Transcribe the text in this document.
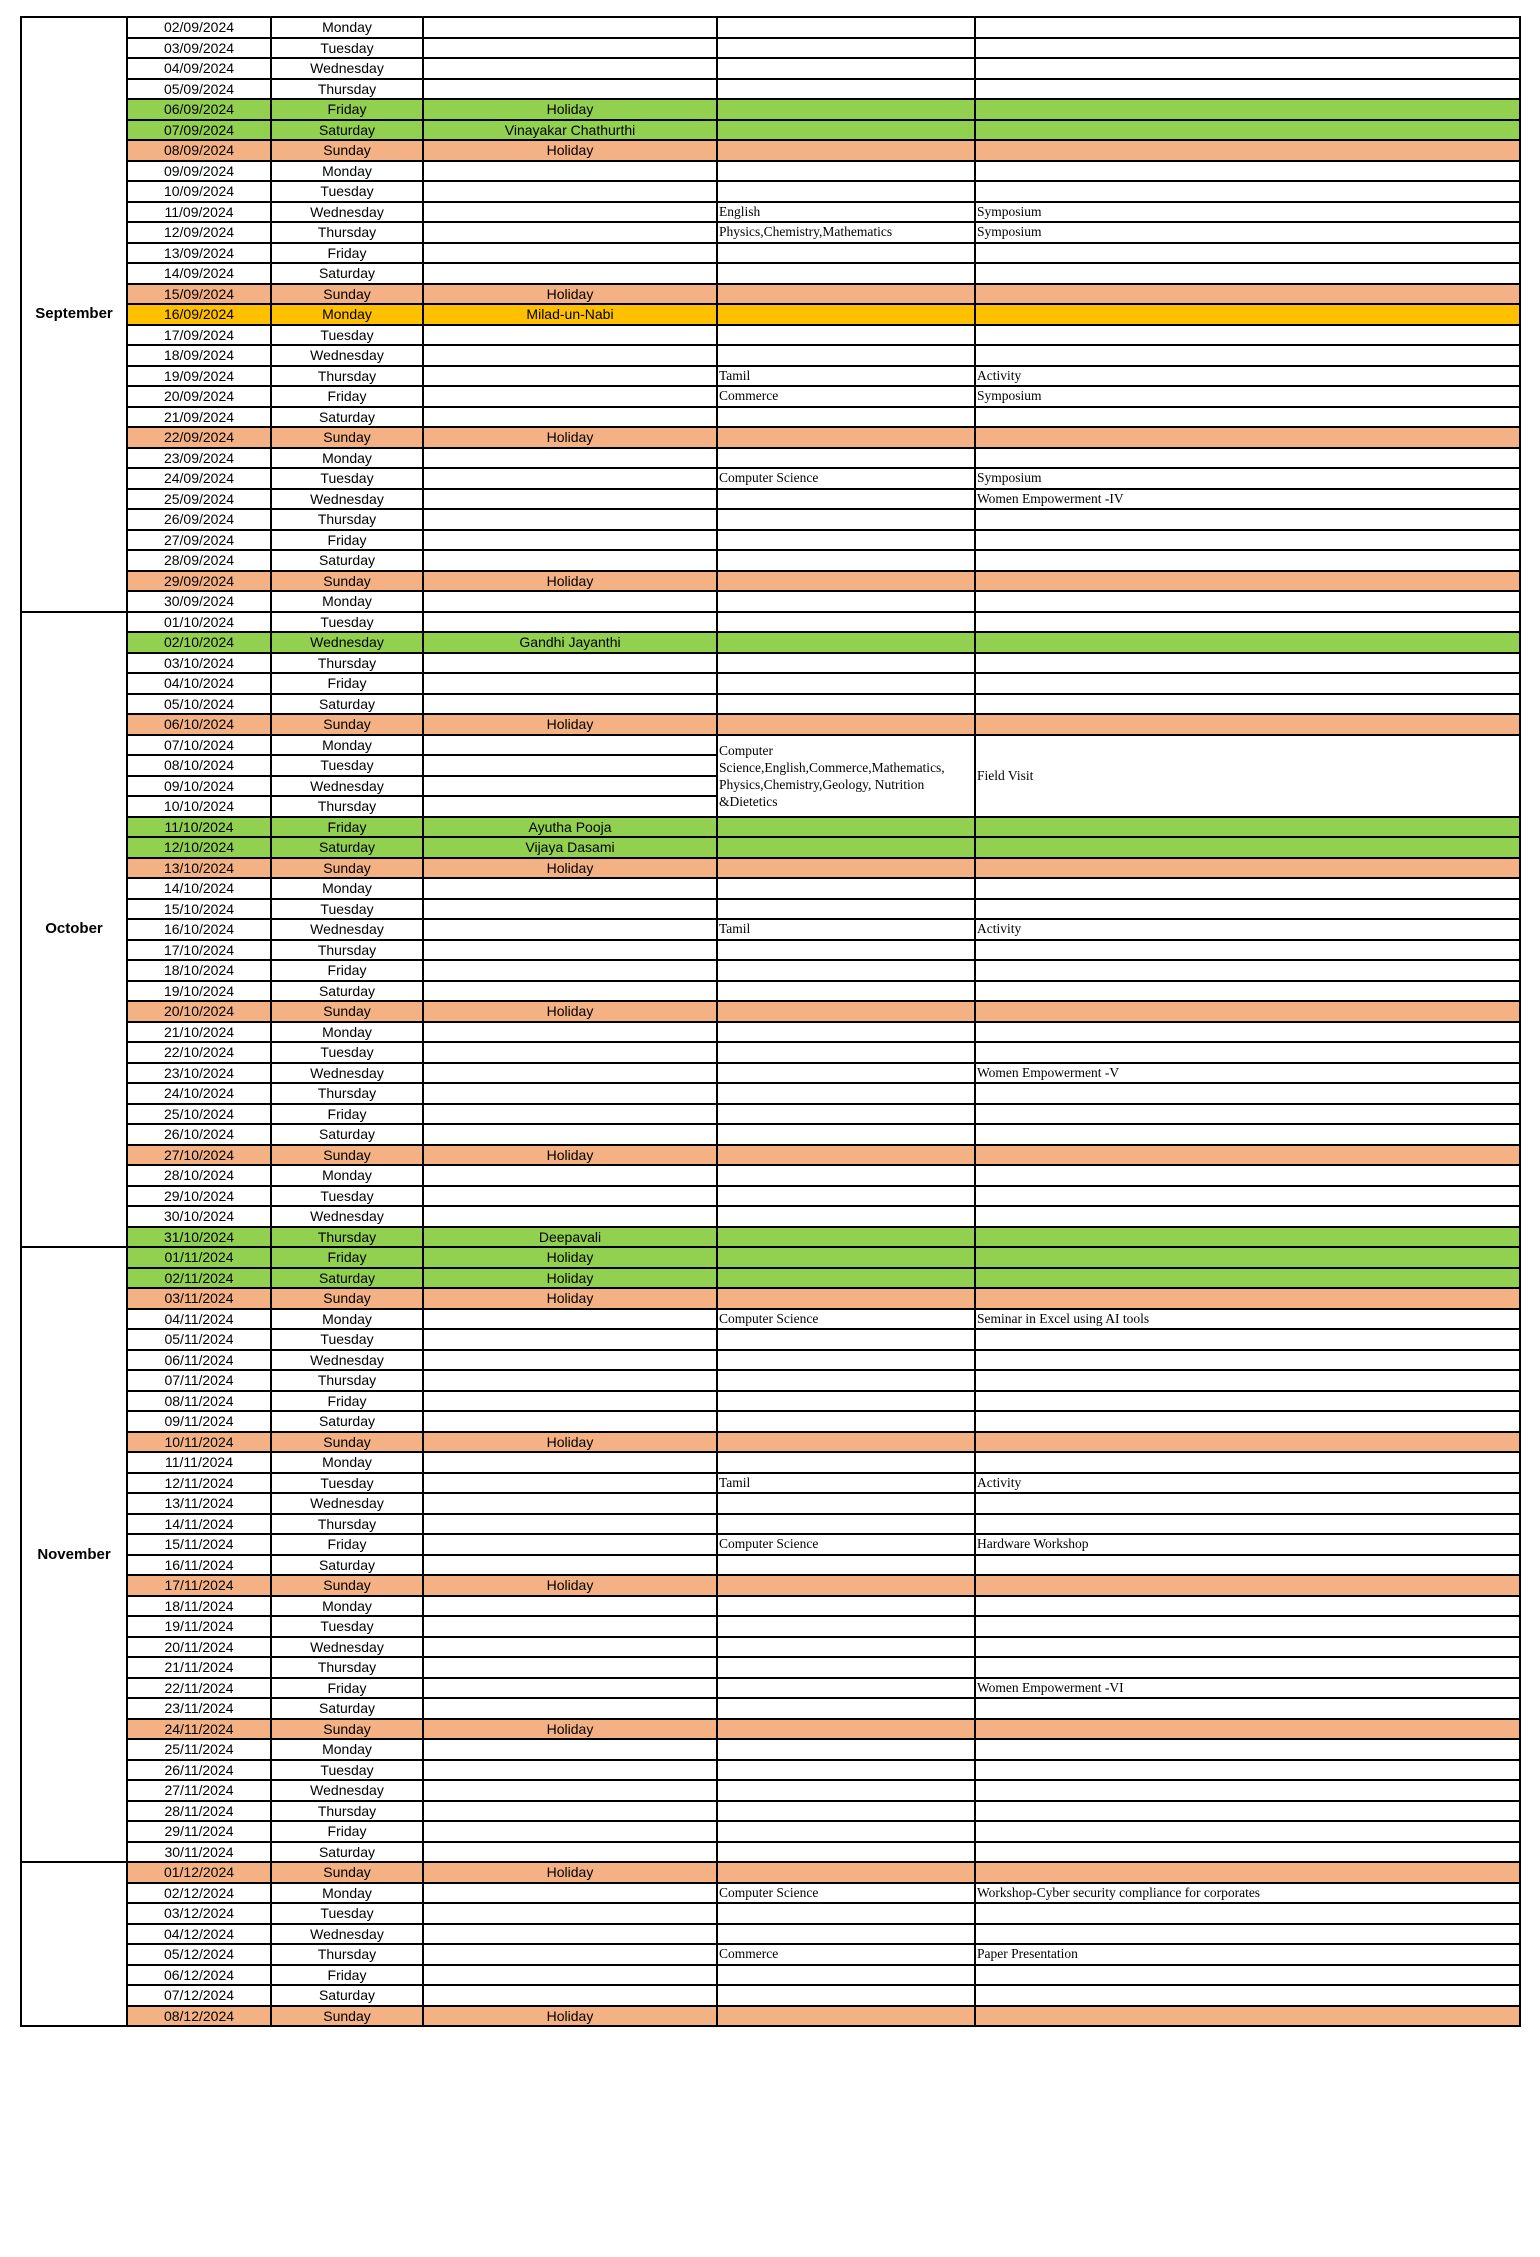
September	02/09/2024	Monday			
	03/09/2024	Tuesday			
	04/09/2024	Wednesday			
	05/09/2024	Thursday			
	06/09/2024	Friday	Holiday		
	07/09/2024	Saturday	Vinayakar Chathurthi		
	08/09/2024	Sunday	Holiday		
	09/09/2024	Monday			
	10/09/2024	Tuesday			
	11/09/2024	Wednesday		English	Symposium
	12/09/2024	Thursday		Physics,Chemistry,Mathematics	Symposium
	13/09/2024	Friday			
	14/09/2024	Saturday			
	15/09/2024	Sunday	Holiday		
	16/09/2024	Monday	Milad-un-Nabi		
	17/09/2024	Tuesday			
	18/09/2024	Wednesday			
	19/09/2024	Thursday		Tamil	Activity
	20/09/2024	Friday		Commerce	Symposium
	21/09/2024	Saturday			
	22/09/2024	Sunday	Holiday		
	23/09/2024	Monday			
	24/09/2024	Tuesday		Computer Science	Symposium
	25/09/2024	Wednesday			Women Empowerment -IV
	26/09/2024	Thursday			
	27/09/2024	Friday			
	28/09/2024	Saturday			
	29/09/2024	Sunday	Holiday		
	30/09/2024	Monday			
October	01/10/2024	Tuesday			
	02/10/2024	Wednesday	Gandhi Jayanthi		
	03/10/2024	Thursday			
	04/10/2024	Friday			
	05/10/2024	Saturday			
	06/10/2024	Sunday	Holiday		
	07/10/2024	Monday		Computer Science,English,Commerce,Mathematics, Physics,Chemistry,Geology, Nutrition &Dietetics	Field Visit
	08/10/2024	Tuesday			
	09/10/2024	Wednesday			
	10/10/2024	Thursday			
	11/10/2024	Friday	Ayutha Pooja		
	12/10/2024	Saturday	Vijaya Dasami		
	13/10/2024	Sunday	Holiday		
	14/10/2024	Monday			
	15/10/2024	Tuesday			
	16/10/2024	Wednesday		Tamil	Activity
	17/10/2024	Thursday			
	18/10/2024	Friday			
	19/10/2024	Saturday			
	20/10/2024	Sunday	Holiday		
	21/10/2024	Monday			
	22/10/2024	Tuesday			
	23/10/2024	Wednesday			Women Empowerment -V
	24/10/2024	Thursday			
	25/10/2024	Friday			
	26/10/2024	Saturday			
	27/10/2024	Sunday	Holiday		
	28/10/2024	Monday			
	29/10/2024	Tuesday			
	30/10/2024	Wednesday			
	31/10/2024	Thursday	Deepavali		
November	01/11/2024	Friday	Holiday		
	02/11/2024	Saturday	Holiday		
	03/11/2024	Sunday	Holiday		
	04/11/2024	Monday		Computer Science	Seminar in Excel using AI tools
	05/11/2024	Tuesday			
	06/11/2024	Wednesday			
	07/11/2024	Thursday			
	08/11/2024	Friday			
	09/11/2024	Saturday			
	10/11/2024	Sunday	Holiday		
	11/11/2024	Monday			
	12/11/2024	Tuesday		Tamil	Activity
	13/11/2024	Wednesday			
	14/11/2024	Thursday			
	15/11/2024	Friday		Computer Science	Hardware Workshop
	16/11/2024	Saturday			
	17/11/2024	Sunday	Holiday		
	18/11/2024	Monday			
	19/11/2024	Tuesday			
	20/11/2024	Wednesday			
	21/11/2024	Thursday			
	22/11/2024	Friday			Women Empowerment -VI
	23/11/2024	Saturday			
	24/11/2024	Sunday	Holiday		
	25/11/2024	Monday			
	26/11/2024	Tuesday			
	27/11/2024	Wednesday			
	28/11/2024	Thursday			
	29/11/2024	Friday			
	30/11/2024	Saturday			
	01/12/2024	Sunday	Holiday		
	02/12/2024	Monday		Computer Science	Workshop-Cyber security compliance for corporates
	03/12/2024	Tuesday			
	04/12/2024	Wednesday			
	05/12/2024	Thursday		Commerce	Paper Presentation
	06/12/2024	Friday			
	07/12/2024	Saturday			
	08/12/2024	Sunday	Holiday		
